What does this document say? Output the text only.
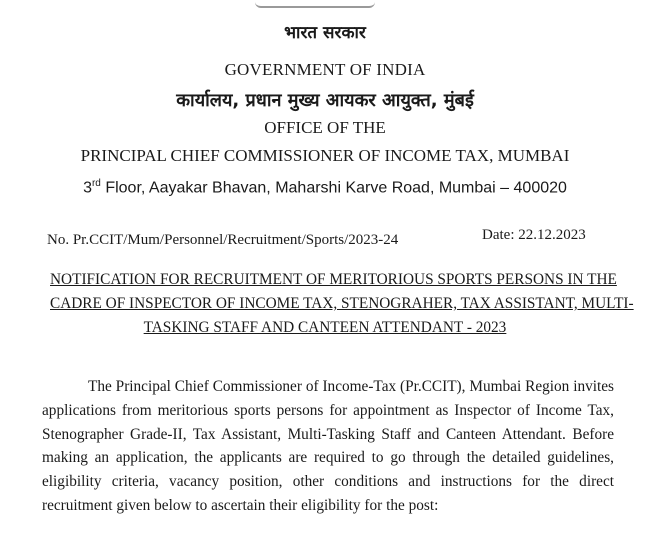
भारत सरकार
GOVERNMENT OF INDIA
कार्यालय, प्रधान मुख्य आयकर आयुक्त, मुंबई
OFFICE OF THE
PRINCIPAL CHIEF COMMISSIONER OF INCOME TAX, MUMBAI
3rd Floor, Aayakar Bhavan, Maharshi Karve Road, Mumbai – 400020
No. Pr.CCIT/Mum/Personnel/Recruitment/Sports/2023-24	Date: 22.12.2023
NOTIFICATION FOR RECRUITMENT OF MERITORIOUS SPORTS PERSONS IN THE
CADRE OF INSPECTOR OF INCOME TAX, STENOGRAHER, TAX ASSISTANT, MULTI-
TASKING STAFF AND CANTEEN ATTENDANT - 2023
The Principal Chief Commissioner of Income-Tax (Pr.CCIT), Mumbai Region invites
applications from meritorious sports persons for appointment as Inspector of Income Tax,
Stenographer Grade-II, Tax Assistant, Multi-Tasking Staff and Canteen Attendant. Before
making an application, the applicants are required to go through the detailed guidelines,
eligibility criteria, vacancy position, other conditions and instructions for the direct
recruitment given below to ascertain their eligibility for the post:
